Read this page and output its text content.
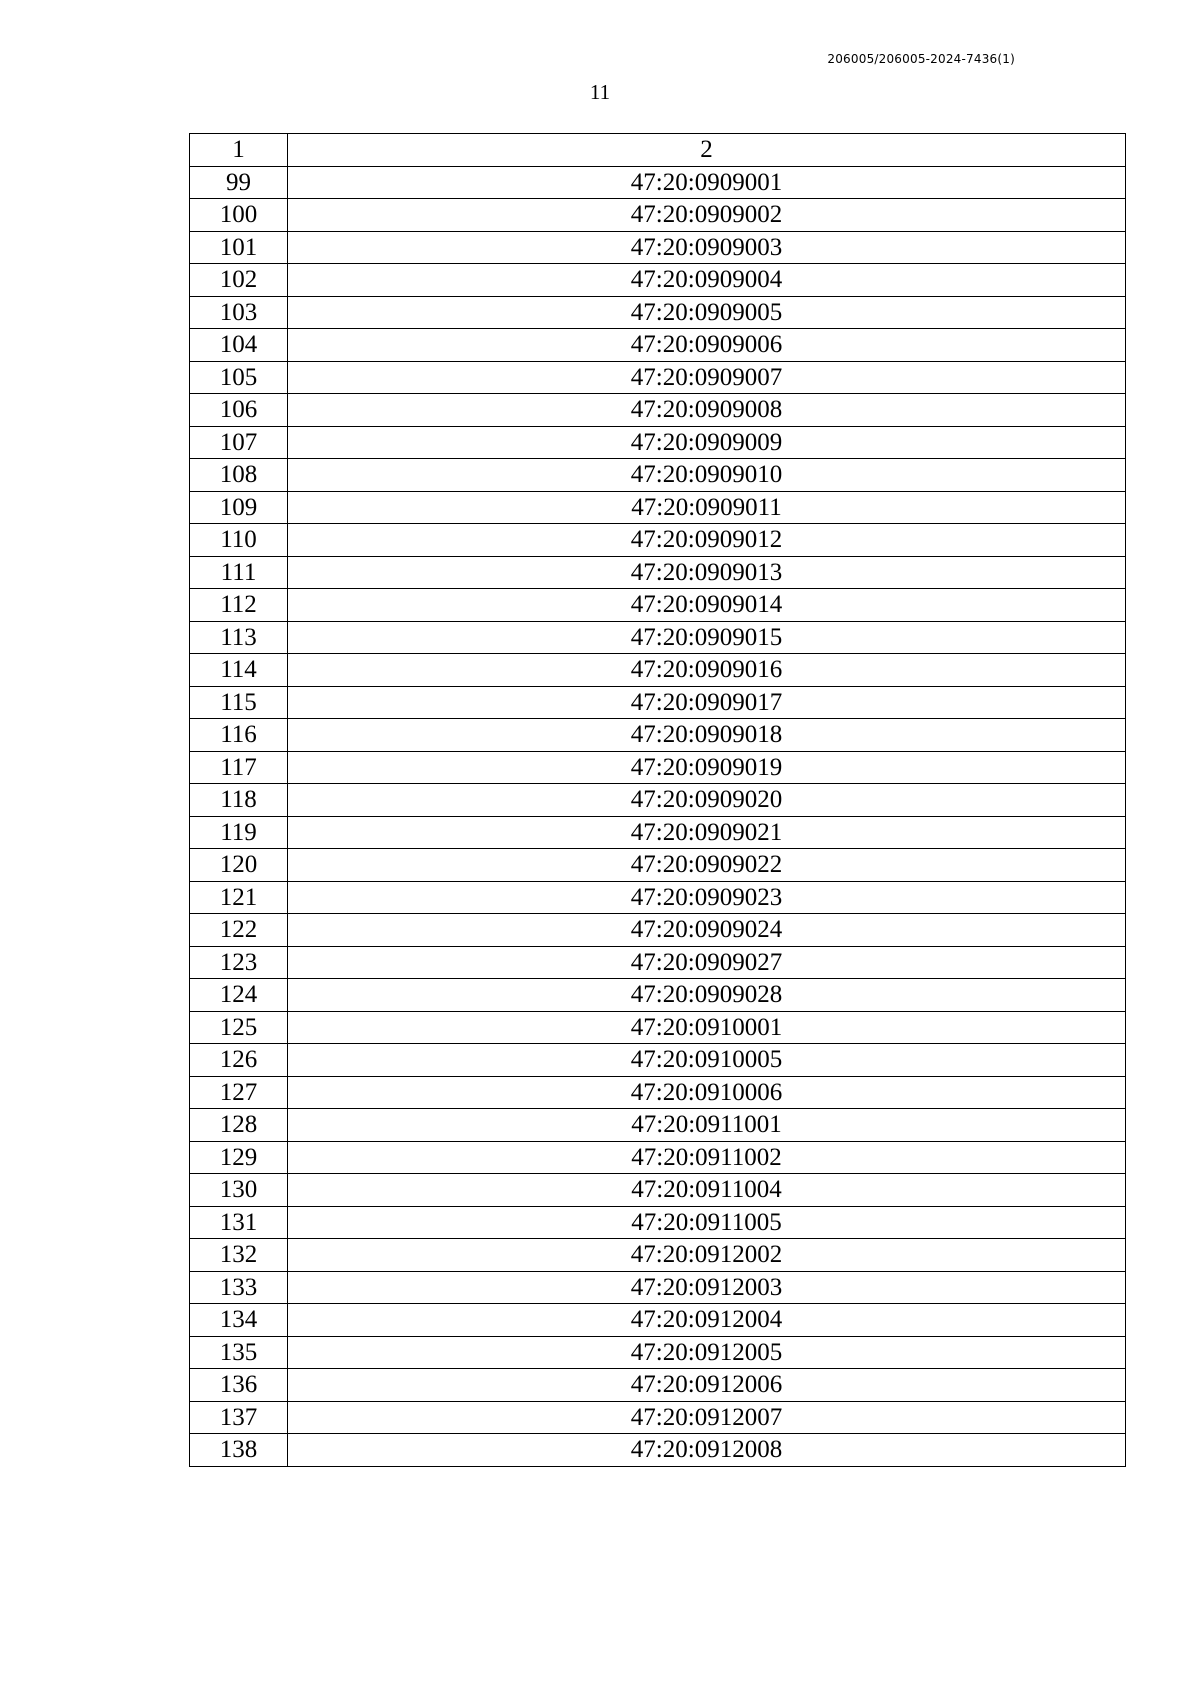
206005/206005-2024-7436(1)
11
1	2
99	47:20:0909001
100	47:20:0909002
101	47:20:0909003
102	47:20:0909004
103	47:20:0909005
104	47:20:0909006
105	47:20:0909007
106	47:20:0909008
107	47:20:0909009
108	47:20:0909010
109	47:20:0909011
110	47:20:0909012
111	47:20:0909013
112	47:20:0909014
113	47:20:0909015
114	47:20:0909016
115	47:20:0909017
116	47:20:0909018
117	47:20:0909019
118	47:20:0909020
119	47:20:0909021
120	47:20:0909022
121	47:20:0909023
122	47:20:0909024
123	47:20:0909027
124	47:20:0909028
125	47:20:0910001
126	47:20:0910005
127	47:20:0910006
128	47:20:0911001
129	47:20:0911002
130	47:20:0911004
131	47:20:0911005
132	47:20:0912002
133	47:20:0912003
134	47:20:0912004
135	47:20:0912005
136	47:20:0912006
137	47:20:0912007
138	47:20:0912008
